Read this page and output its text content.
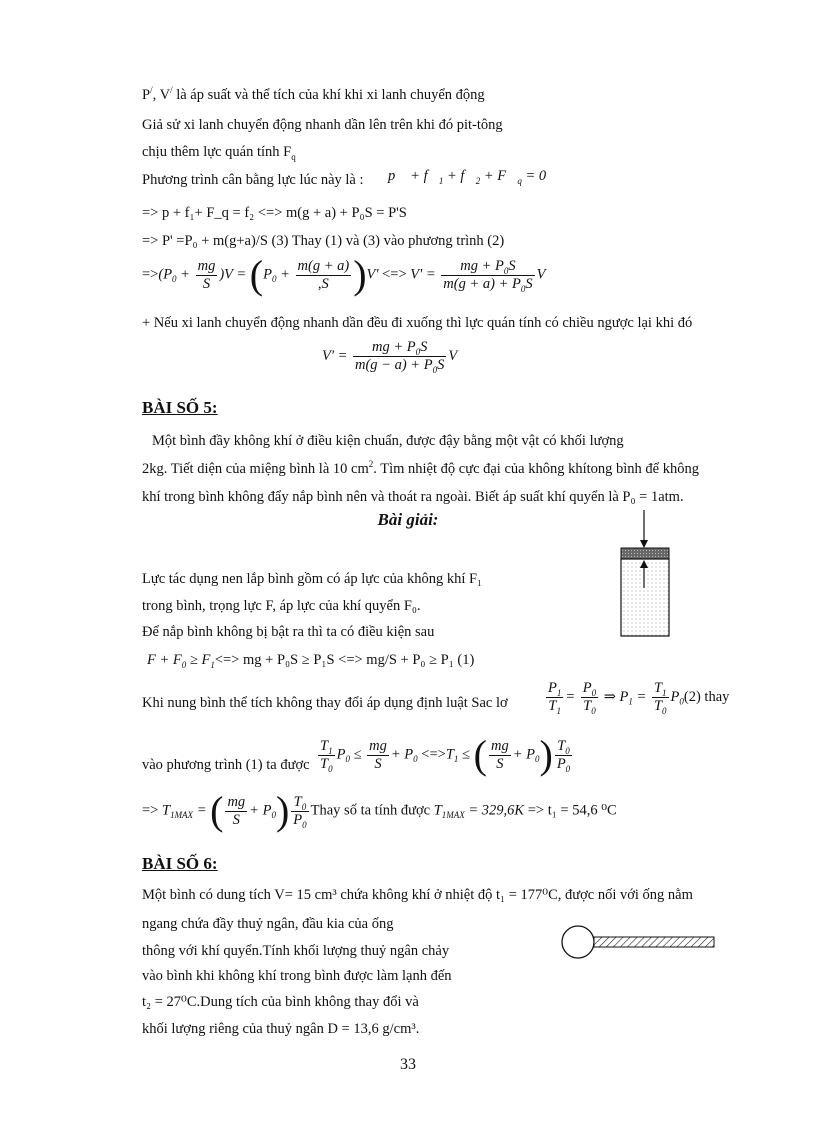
P/, V/ là áp suất và thể tích của khí khi xi lanh chuyển động
Giả sử xi lanh chuyển động nhanh dần lên trên khi đó pit-tông
chịu thêm lực quán tính $F_q$
Phương trình cân bằng lực lúc này là : p⃗ + $f⃗_1$ + $f⃗_2$ + $F⃗_q$ = 0⃗
=> p + f₁+ F_q = f₂ <=> m(g + a) + P₀S = P'S
=> P' =P₀ + m(g+a)/S (3) Thay (1) và (3) vào phương trình (2)
$=>(P_0 + \frac{mg}{S} )V = (P_0 + \frac{m(g + a)}{,S} )V'$ <=> $V' = \frac{mg + P_0S}{m(g + a) + P_0S}$ V
+ Nếu xi lanh chuyển động nhanh dần đều đi xuống thì lực quán tính có chiều ngược lại khi đó
$V' = \frac{mg + P_0S}{m(g - a) + P_0S}$ V
BÀI SỐ 5:
Một bình đầy không khí ở điều kiện chuẩn, được đậy bằng một vật có khối lượng
2kg. Tiết diện của miệng bình là 10 $cm^2$. Tìm nhiệt độ cực đại của không khítong bình để không
khí trong bình không đẩy nắp bình nên và thoát ra ngoài. Biết áp suất khí quyển là P₀ = 1atm.
Bài giải:
Lực tác dụng nen lắp bình gồm có áp lực của không khí F₁
trong bình, trọng lực F, áp lực của khí quyển F₀.
Để nắp bình không bị bật ra thì ta có điều kiện sau
$F + F_0 \ge F_1<=>$ mg + P₀S ≥ P₁S <=> mg/S + P₀ ≥ P₁ (1)
Khi nung bình thể tích không thay đổi áp dụng định luật Sac lơ	$\frac{P_1}{T_1} = \frac{P_0}{T_0}$ ⇒ $P_1 = \frac{T_1}{T_0} P_0(2)$ thay
vào phương trình (1) ta được $\frac{T_1}{T_0} P_0 \le \frac{mg}{S} + P_0 <=>T_1$ ≤ ( $\frac{mg}{S} + P_0) \frac{T_0}{P_0}$
=> $T_{1MAX}$ = ( $\frac{mg}{S} + P_0) \frac{T_0}{P_0}$ Thay số ta tính được $T_{1MAX} = 329,6K => t_1 = 54,6$ ⁰C
BÀI SỐ 6:
Một bình có dung tích V= 15 cm³ chứa không khí ở nhiệt độ t₁ = 177⁰C, được nối với ống nằm
ngang chứa đầy thuỷ ngân, đầu kia của ống
thông với khí quyển.Tính khối lượng thuỷ ngân chảy
vào bình khi không khí trong bình được làm lạnh đến
t₂ = 27⁰C.Dung tích của bình không thay đổi và
khối lượng riêng của thuỷ ngân D = 13,6 g/cm³.
33
